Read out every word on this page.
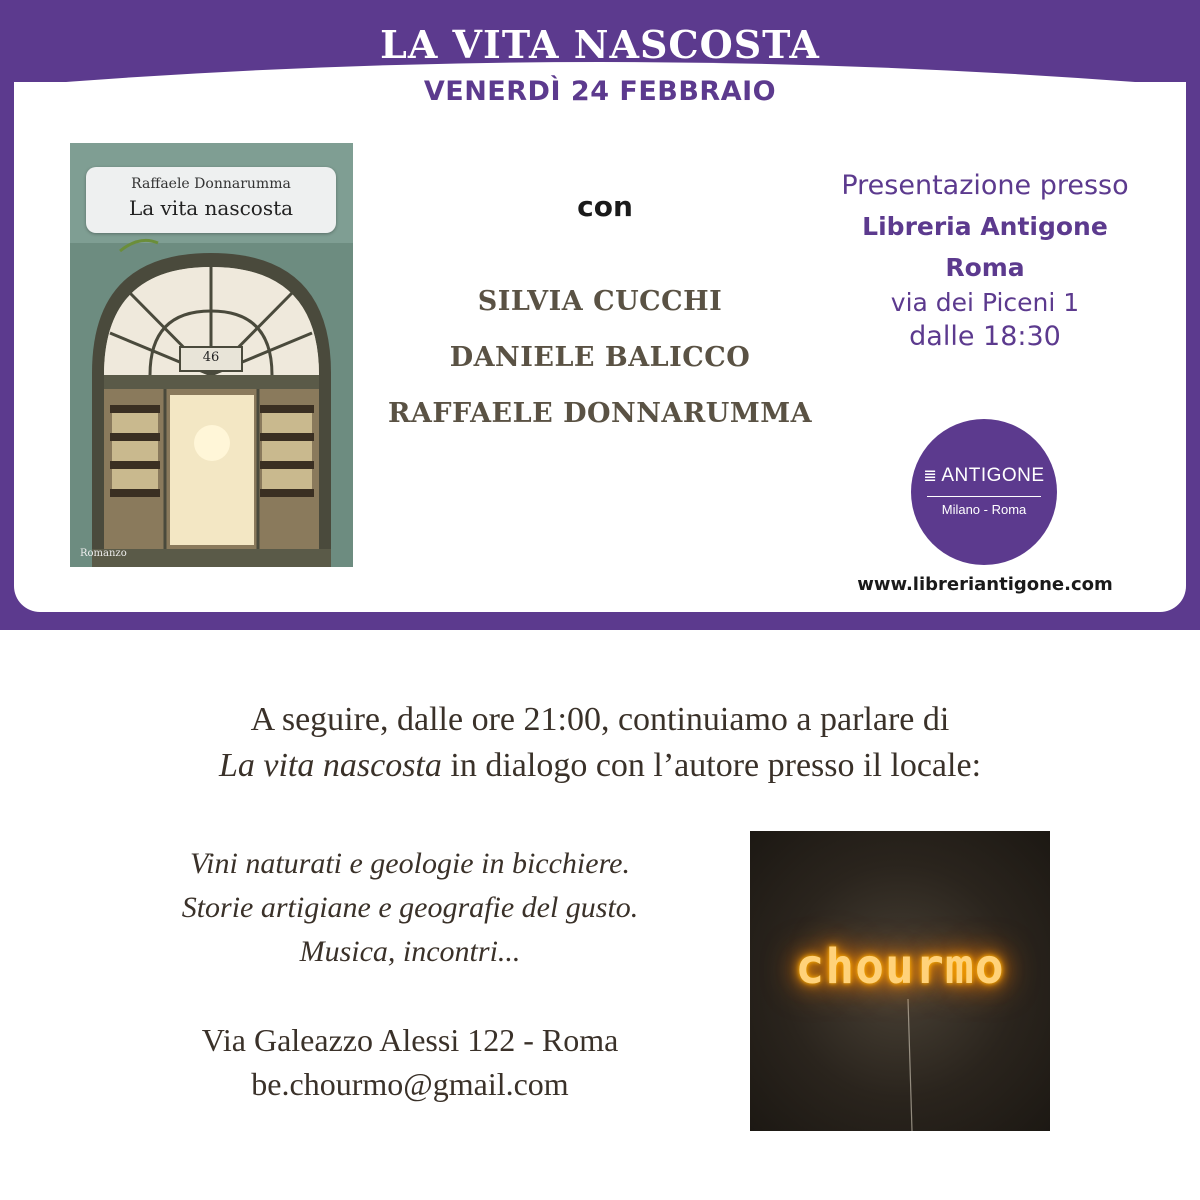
LA VITA NASCOSTA
VENERDÌ 24 FEBBRAIO
Raffaele Donnarumma
La vita nascosta
46
Romanzo
con
SILVIA CUCCHI
DANIELE BALICCO
RAFFAELE DONNARUMMA
Presentazione presso
Libreria Antigone
Roma
via dei Piceni 1
dalle 18:30
≣ ANTIGONE
Milano - Roma
www.libreriantigone.com
A seguire, dalle ore 21:00, continuiamo a parlare di
La vita nascosta in dialogo con l’autore presso il locale:
Vini naturati e geologie in bicchiere.
Storie artigiane e geografie del gusto.
Musica, incontri...
Via Galeazzo Alessi 122 - Roma
be.chourmo@gmail.com
chourmo
